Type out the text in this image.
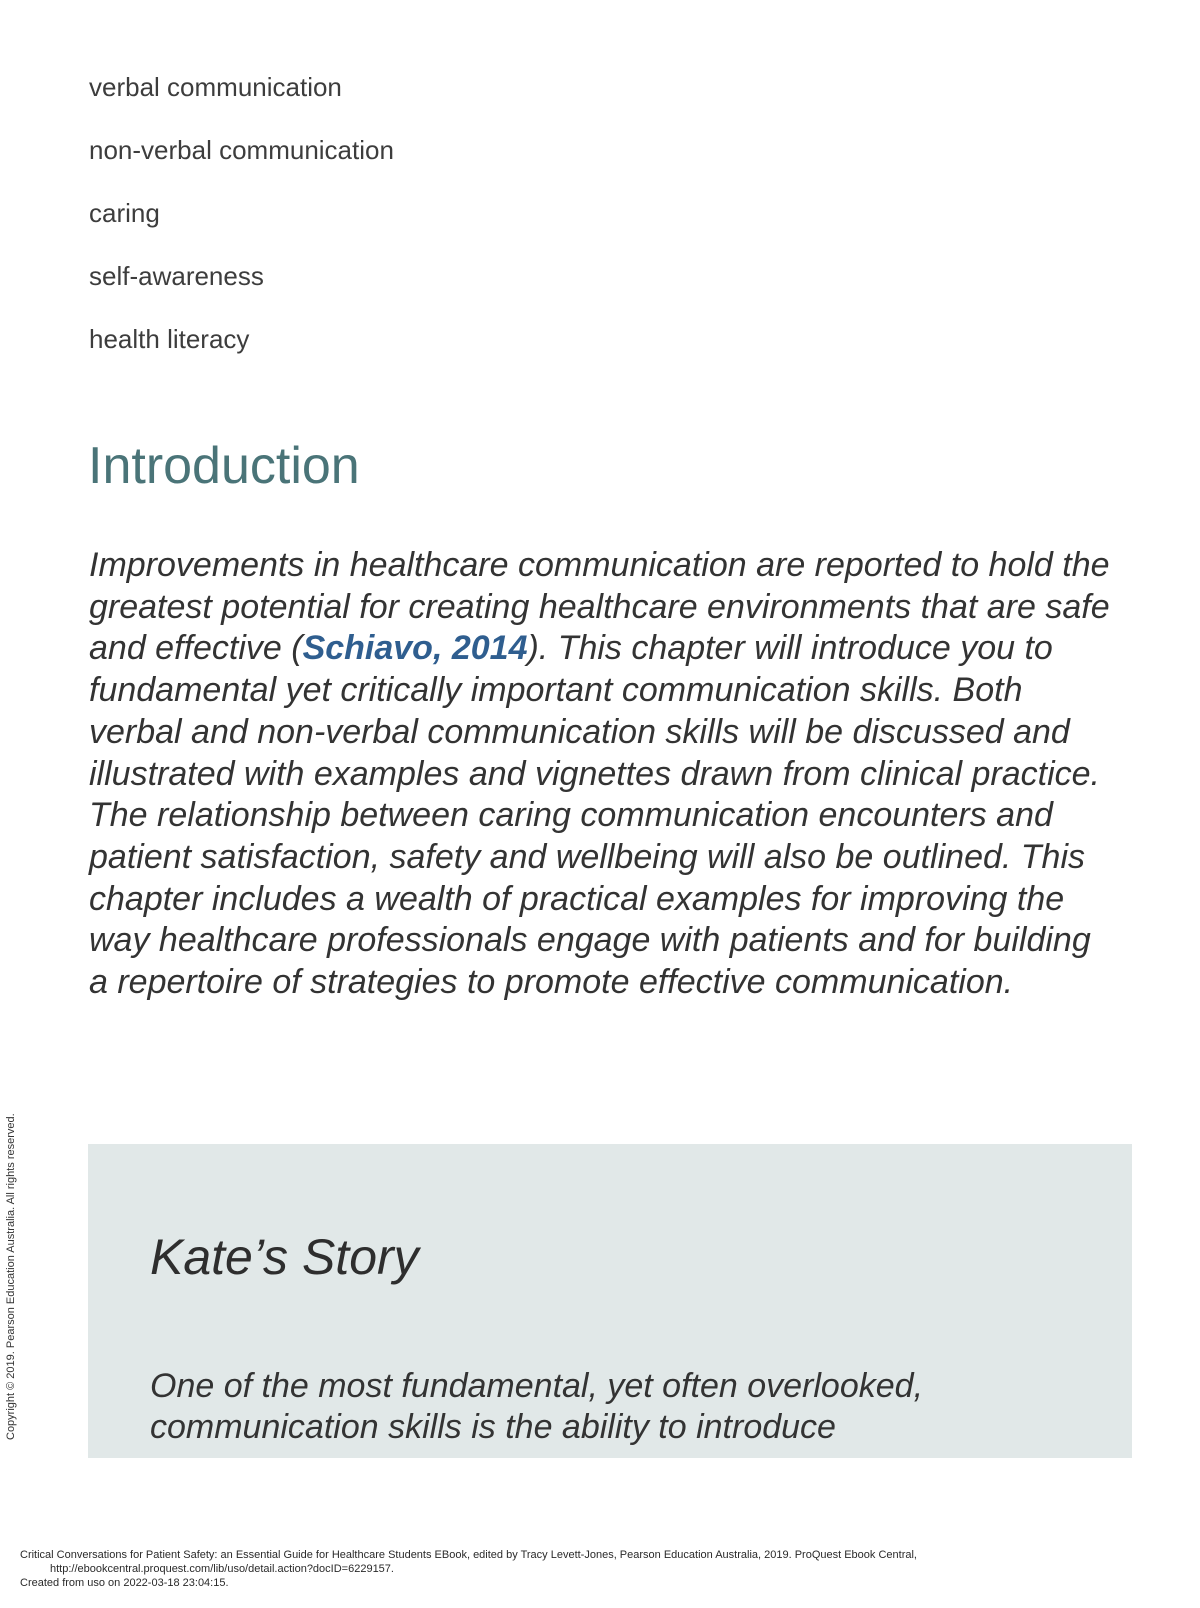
verbal communication
non-verbal communication
caring
self-awareness
health literacy
Introduction

Improvements in healthcare communication are reported to hold the greatest potential for creating healthcare environments that are safe and effective (Schiavo, 2014). This chapter will introduce you to fundamental yet critically important communication skills. Both verbal and non-verbal communication skills will be discussed and illustrated with examples and vignettes drawn from clinical practice. The relationship between caring communication encounters and patient satisfaction, safety and wellbeing will also be outlined. This chapter includes a wealth of practical examples for improving the way healthcare professionals engage with patients and for building a repertoire of strategies to promote effective communication.

Kate’s Story

One of the most fundamental, yet often overlooked, communication skills is the ability to introduce

Copyright © 2019. Pearson Education Australia. All rights reserved.
Critical Conversations for Patient Safety: an Essential Guide for Healthcare Students EBook, edited by Tracy Levett-Jones, Pearson Education Australia, 2019. ProQuest Ebook Central,
http://ebookcentral.proquest.com/lib/uso/detail.action?docID=6229157.
Created from uso on 2022-03-18 23:04:15.
